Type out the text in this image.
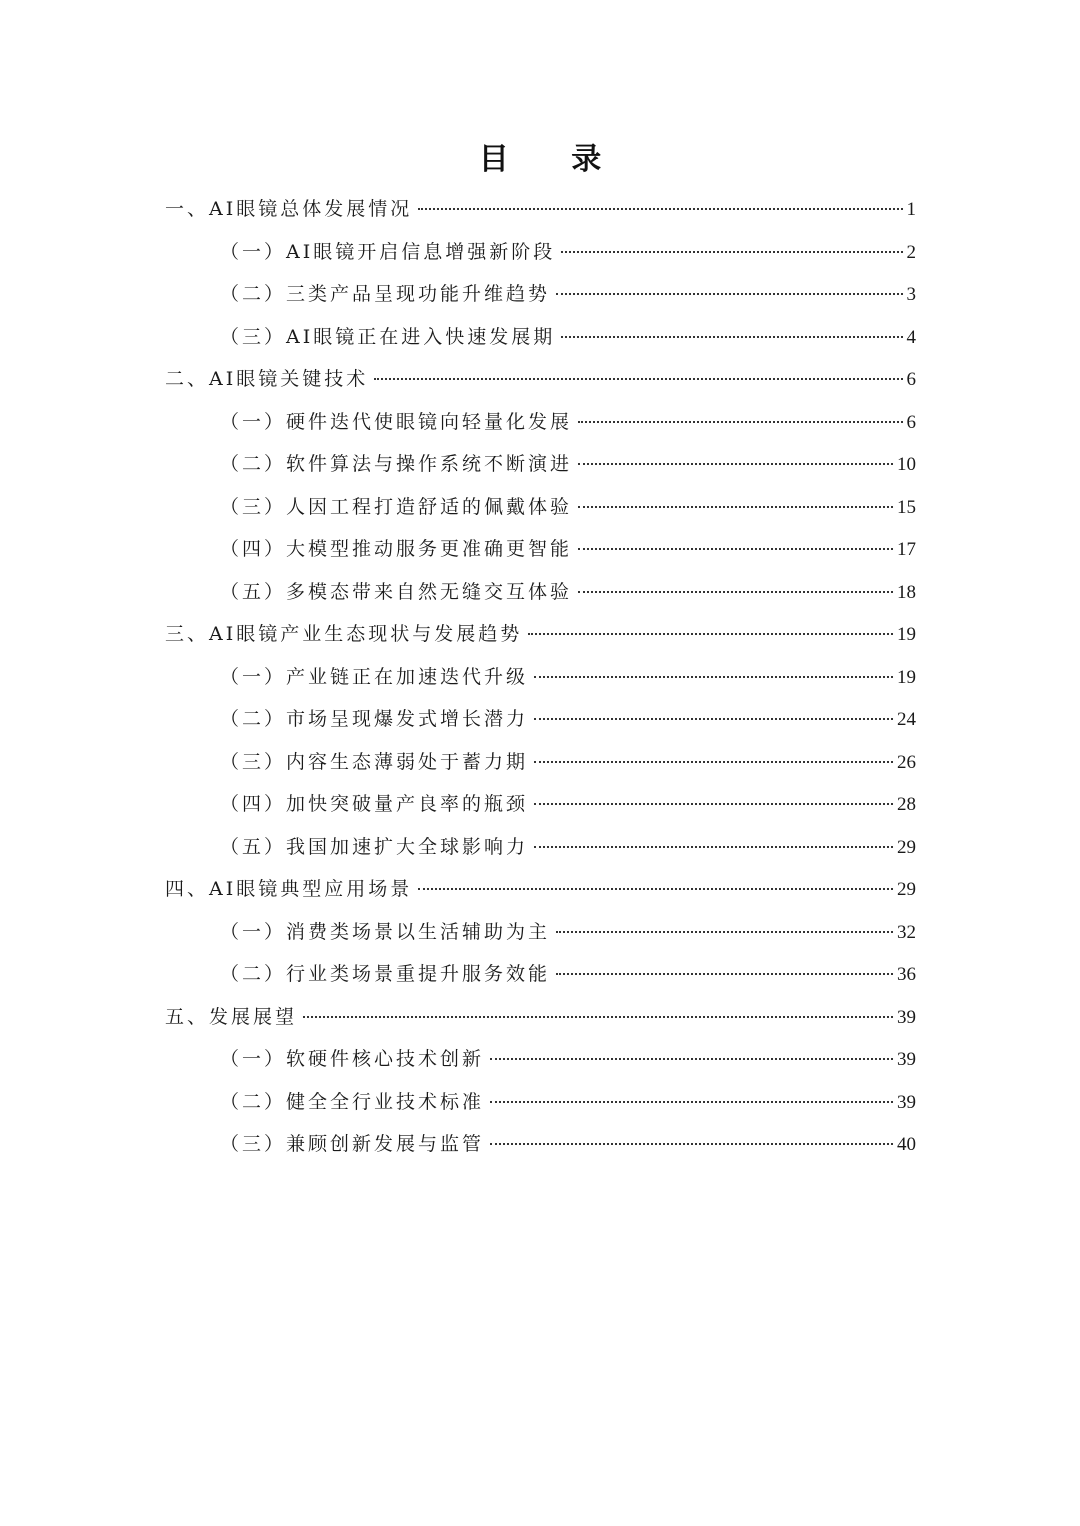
目 录
一、AI眼镜总体发展情况	1
（一）AI眼镜开启信息增强新阶段	2
（二）三类产品呈现功能升维趋势	3
（三）AI眼镜正在进入快速发展期	4
二、AI眼镜关键技术	6
（一）硬件迭代使眼镜向轻量化发展	6
（二）软件算法与操作系统不断演进	10
（三）人因工程打造舒适的佩戴体验	15
（四）大模型推动服务更准确更智能	17
（五）多模态带来自然无缝交互体验	18
三、AI眼镜产业生态现状与发展趋势	19
（一）产业链正在加速迭代升级	19
（二）市场呈现爆发式增长潜力	24
（三）内容生态薄弱处于蓄力期	26
（四）加快突破量产良率的瓶颈	28
（五）我国加速扩大全球影响力	29
四、AI眼镜典型应用场景	29
（一）消费类场景以生活辅助为主	32
（二）行业类场景重提升服务效能	36
五、发展展望	39
（一）软硬件核心技术创新	39
（二）健全全行业技术标准	39
（三）兼顾创新发展与监管	40
